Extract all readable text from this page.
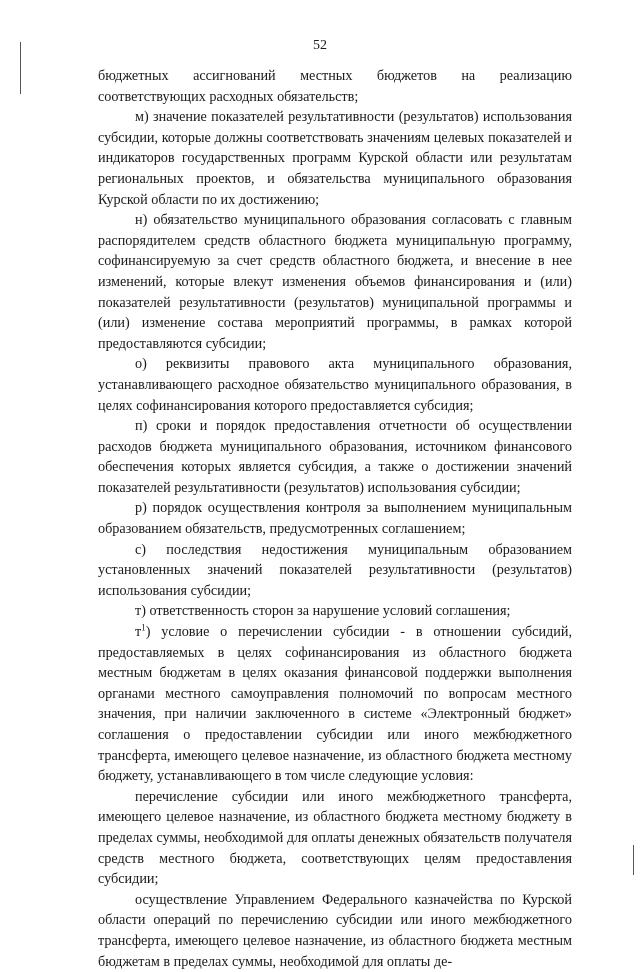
52

бюджетных ассигнований местных бюджетов на реализацию соответствующих расходных обязательств;

м) значение показателей результативности (результатов) использования субсидии, которые должны соответствовать значениям целевых показателей и индикаторов государственных программ Курской области или результатам региональных проектов, и обязательства муниципального образования Курской области по их достижению;

н) обязательство муниципального образования согласовать с главным распорядителем средств областного бюджета муниципальную программу, софинансируемую за счет средств областного бюджета, и внесение в нее изменений, которые влекут изменения объемов финансирования и (или) показателей результативности (результатов) муниципальной программы и (или) изменение состава мероприятий программы, в рамках которой предоставляются субсидии;

о) реквизиты правового акта муниципального образования, устанавливающего расходное обязательство муниципального образования, в целях софинансирования которого предоставляется субсидия;

п) сроки и порядок предоставления отчетности об осуществлении расходов бюджета муниципального образования, источником финансового обеспечения которых является субсидия, а также о достижении значений показателей результативности (результатов) использования субсидии;

р) порядок осуществления контроля за выполнением муниципальным образованием обязательств, предусмотренных соглашением;

с) последствия недостижения муниципальным образованием установленных значений показателей результативности (результатов) использования субсидии;

т) ответственность сторон за нарушение условий соглашения;

$т^1$) условие о перечислении субсидии - в отношении субсидий, предоставляемых в целях софинансирования из областного бюджета местным бюджетам в целях оказания финансовой поддержки выполнения органами местного самоуправления полномочий по вопросам местного значения, при наличии заключенного в системе «Электронный бюджет» соглашения о предоставлении субсидии или иного межбюджетного трансферта, имеющего целевое назначение, из областного бюджета местному бюджету, устанавливающего в том числе следующие условия:

перечисление субсидии или иного межбюджетного трансферта, имеющего целевое назначение, из областного бюджета местному бюджету в пределах суммы, необходимой для оплаты денежных обязательств получателя средств местного бюджета, соответствующих целям предоставления субсидии;

осуществление Управлением Федерального казначейства по Курской области операций по перечислению субсидии или иного межбюджетного трансферта, имеющего целевое назначение, из областного бюджета местным бюджетам в пределах суммы, необходимой для оплаты де-
